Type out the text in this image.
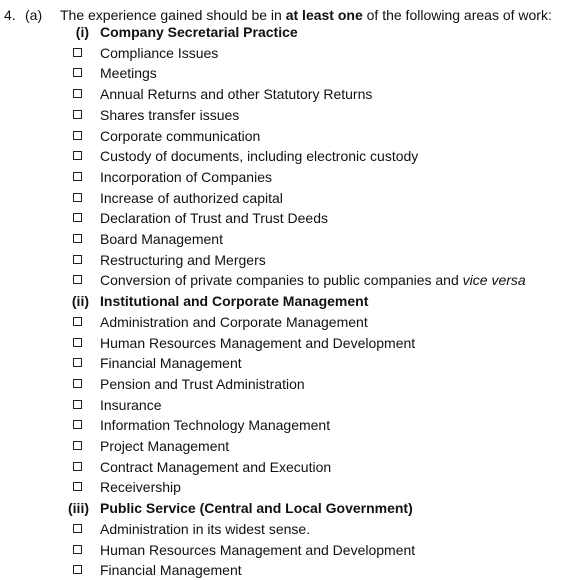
4. (a) The experience gained should be in at least one of the following areas of work:
(i) Company Secretarial Practice
Compliance Issues
Meetings
Annual Returns and other Statutory Returns
Shares transfer issues
Corporate communication
Custody of documents, including electronic custody
Incorporation of Companies
Increase of authorized capital
Declaration of Trust and Trust Deeds
Board Management
Restructuring and Mergers
Conversion of private companies to public companies and vice versa
(ii) Institutional and Corporate Management
Administration and Corporate Management
Human Resources Management and Development
Financial Management
Pension and Trust Administration
Insurance
Information Technology Management
Project Management
Contract Management and Execution
Receivership
(iii) Public Service (Central and Local Government)
Administration in its widest sense.
Human Resources Management and Development
Financial Management
